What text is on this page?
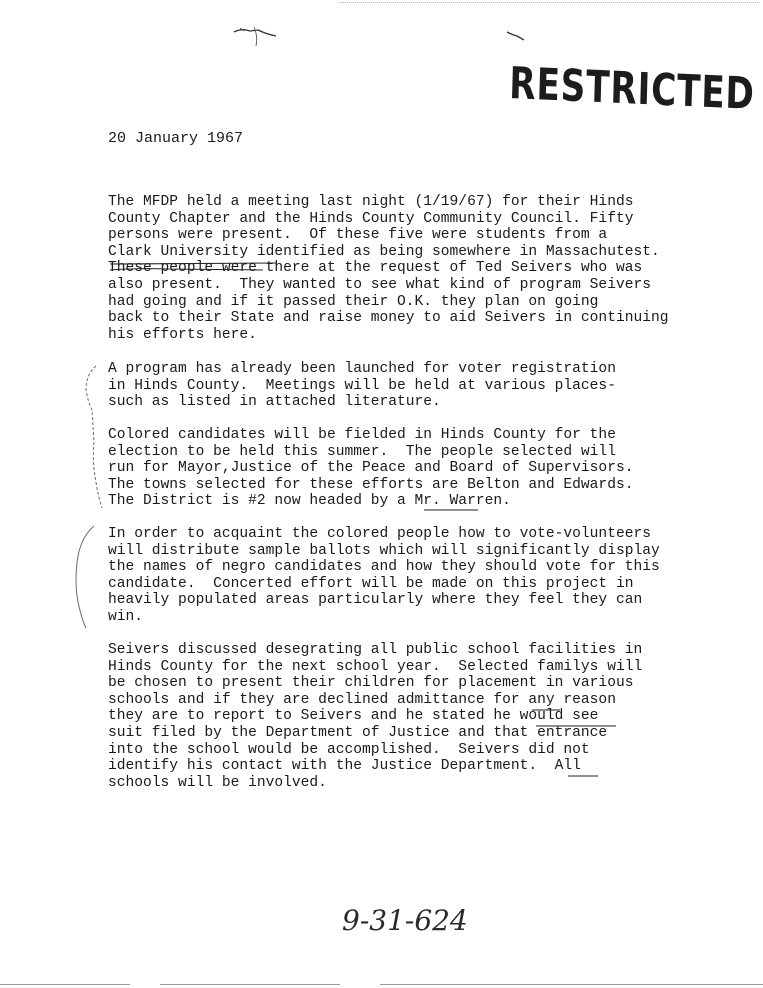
RESTRICTED
20 January 1967
The MFDP held a meeting last night (1/19/67) for their Hinds
County Chapter and the Hinds County Community Council. Fifty
persons were present.  Of these five were students from a
Clark University identified as being somewhere in Massachutest.
These people were there at the request of Ted Seivers who was
also present.  They wanted to see what kind of program Seivers
had going and if it passed their O.K. they plan on going
back to their State and raise money to aid Seivers in continuing
his efforts here.
A program has already been launched for voter registration
in Hinds County.  Meetings will be held at various places-
such as listed in attached literature.
Colored candidates will be fielded in Hinds County for the
election to be held this summer.  The people selected will
run for Mayor,Justice of the Peace and Board of Supervisors.
The towns selected for these efforts are Belton and Edwards.
The District is #2 now headed by a Mr. Warren.
In order to acquaint the colored people how to vote-volunteers
will distribute sample ballots which will significantly display
the names of negro candidates and how they should vote for this
candidate.  Concerted effort will be made on this project in
heavily populated areas particularly where they feel they can
win.
Seivers discussed desegrating all public school facilities in
Hinds County for the next school year.  Selected familys will
be chosen to present their children for placement in various
schools and if they are declined admittance for any reason
they are to report to Seivers and he stated he would see
suit filed by the Department of Justice and that entrance
into the school would be accomplished.  Seivers did not
identify his contact with the Justice Department.  All
schools will be involved.
9-31-624
